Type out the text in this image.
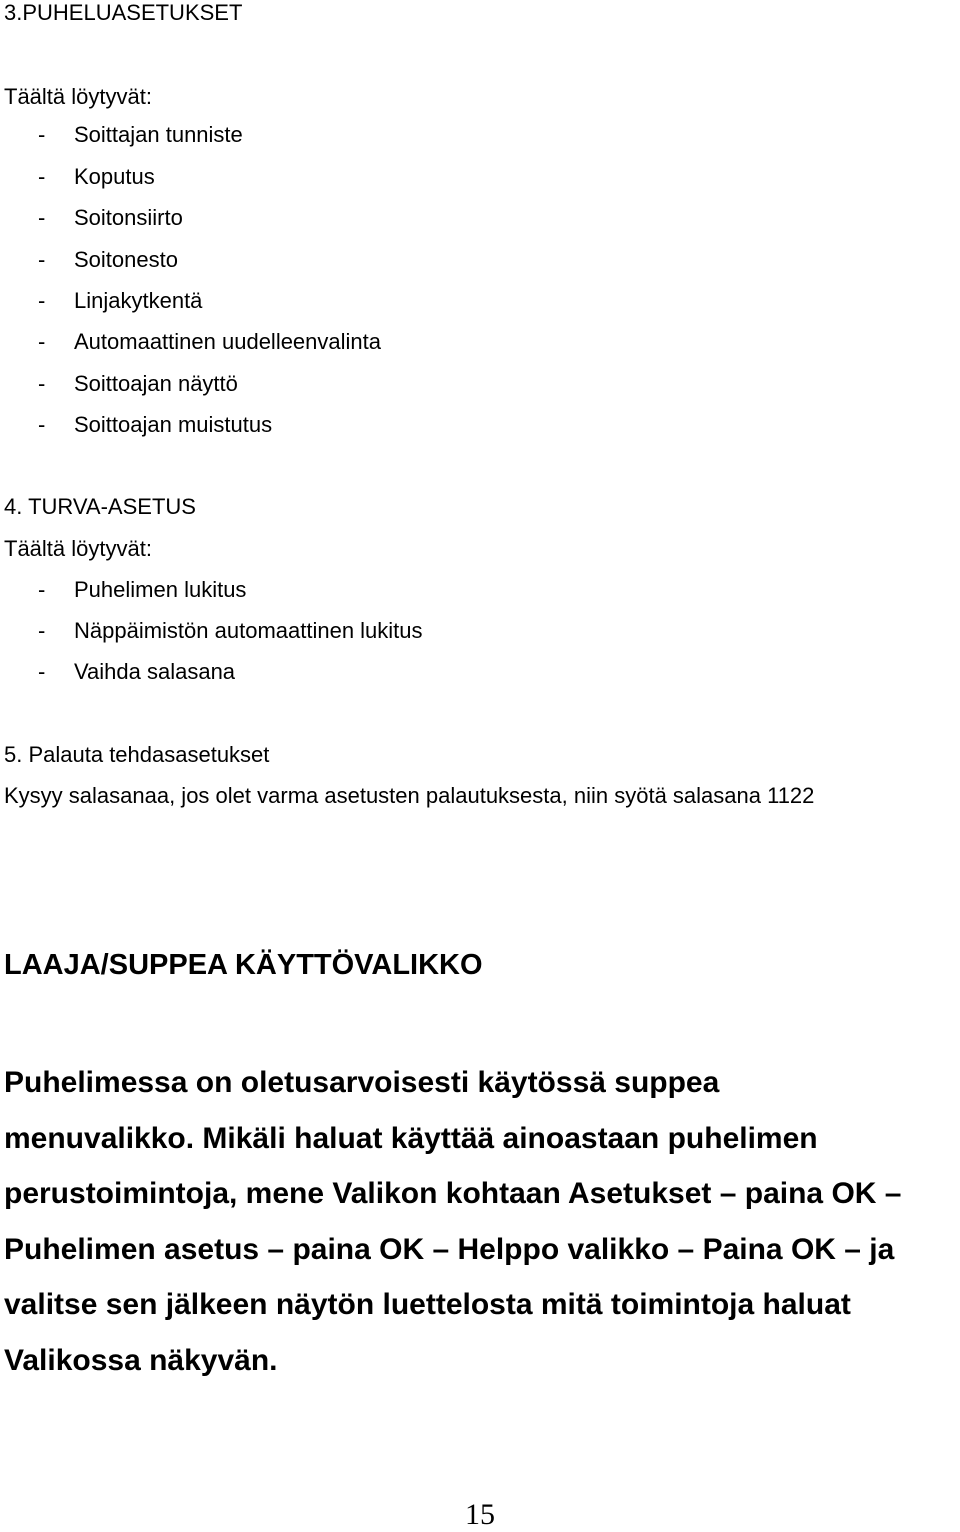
3.PUHELUASETUKSET
Täältä löytyvät:
- Soittajan tunniste
- Koputus
- Soitonsiirto
- Soitonesto
- Linjakytkentä
- Automaattinen uudelleenvalinta
- Soittoajan näyttö
- Soittoajan muistutus
4. TURVA-ASETUS
Täältä löytyvät:
- Puhelimen lukitus
- Näppäimistön automaattinen lukitus
- Vaihda salasana
5. Palauta tehdasasetukset
Kysyy salasanaa, jos olet varma asetusten palautuksesta, niin syötä salasana 1122
LAAJA/SUPPEA KÄYTTÖVALIKKO
Puhelimessa on oletusarvoisesti käytössä suppea
menuvalikko. Mikäli haluat käyttää ainoastaan puhelimen
perustoimintoja, mene Valikon kohtaan Asetukset – paina OK –
Puhelimen asetus – paina OK – Helppo valikko – Paina OK – ja
valitse sen jälkeen näytön luettelosta mitä toimintoja haluat
Valikossa näkyvän.
15
